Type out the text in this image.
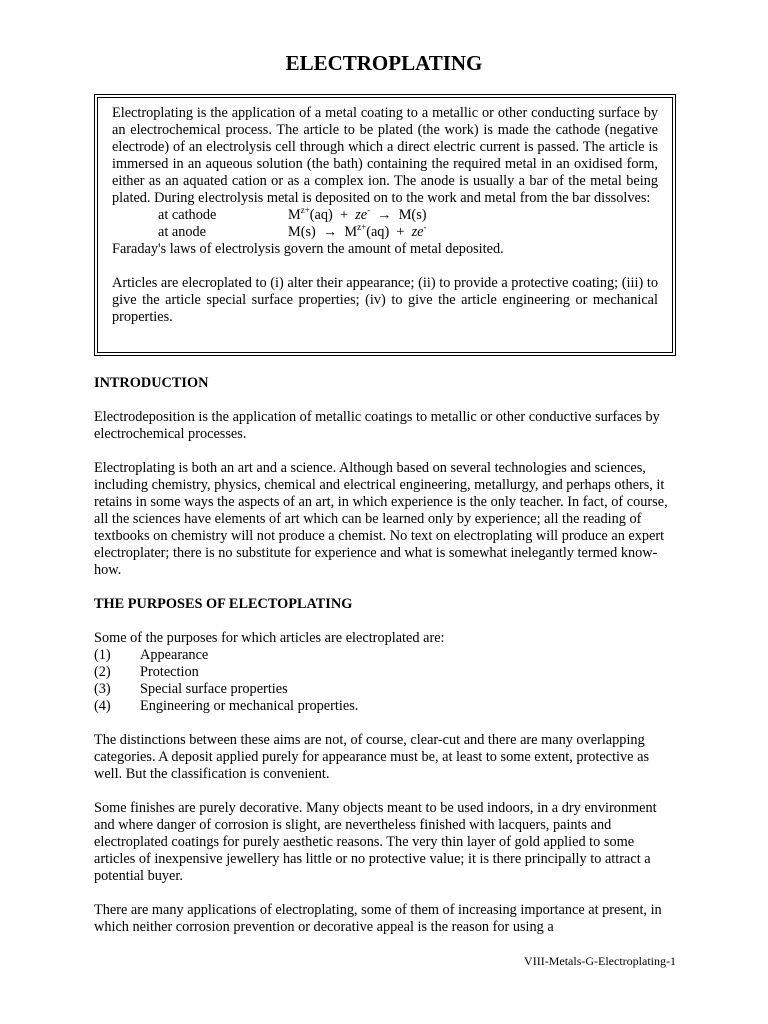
ELECTROPLATING

Electroplating is the application of a metal coating to a metallic or other conducting surface by an electrochemical process. The article to be plated (the work) is made the cathode (negative electrode) of an electrolysis cell through which a direct electric current is passed. The article is immersed in an aqueous solution (the bath) containing the required metal in an oxidised form, either as an aquated cation or as a complex ion. The anode is usually a bar of the metal being plated. During electrolysis metal is deposited on to the work and metal from the bar dissolves:

at cathode	$M^{z+}(aq) + ze^- \to M(s)$
at anode	$M(s) \to M^{z+}(aq) + ze^-$

Faraday's laws of electrolysis govern the amount of metal deposited.

Articles are elecroplated to (i) alter their appearance; (ii) to provide a protective coating; (iii) to give the article special surface properties; (iv) to give the article engineering or mechanical properties.

INTRODUCTION

Electrodeposition is the application of metallic coatings to metallic or other conductive surfaces by electrochemical processes.

Electroplating is both an art and a science. Although based on several technologies and sciences, including chemistry, physics, chemical and electrical engineering, metallurgy, and perhaps others, it retains in some ways the aspects of an art, in which experience is the only teacher. In fact, of course, all the sciences have elements of art which can be learned only by experience; all the reading of textbooks on chemistry will not produce a chemist. No text on electroplating will produce an expert electroplater; there is no substitute for experience and what is somewhat inelegantly termed know-how.

THE PURPOSES OF ELECTOPLATING

Some of the purposes for which articles are electroplated are:

(1)	Appearance
(2)	Protection
(3)	Special surface properties
(4)	Engineering or mechanical properties.

The distinctions between these aims are not, of course, clear-cut and there are many overlapping categories. A deposit applied purely for appearance must be, at least to some extent, protective as well. But the classification is convenient.

Some finishes are purely decorative. Many objects meant to be used indoors, in a dry environment and where danger of corrosion is slight, are nevertheless finished with lacquers, paints and electroplated coatings for purely aesthetic reasons. The very thin layer of gold applied to some articles of inexpensive jewellery has little or no protective value; it is there principally to attract a potential buyer.

There are many applications of electroplating, some of them of increasing importance at present, in which neither corrosion prevention or decorative appeal is the reason for using a

VIII-Metals-G-Electroplating-1
